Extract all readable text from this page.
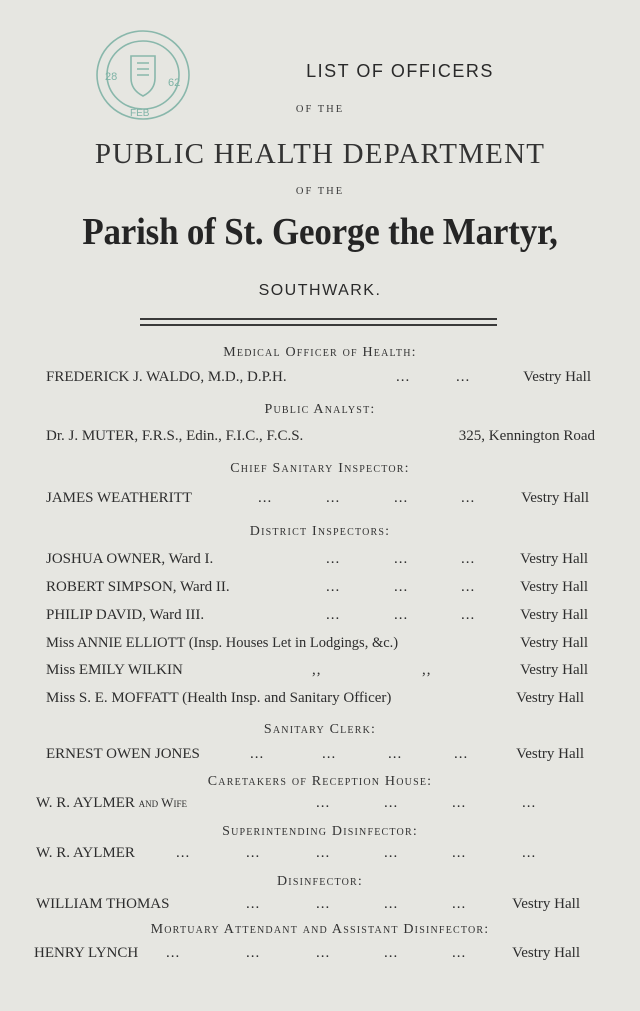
28	62
FEB
LIST OF OFFICERS
OF THE
PUBLIC HEALTH DEPARTMENT
OF THE
Parish of St. George the Martyr,
SOUTHWARK.
Medical Officer of Health:
FREDERICK J. WALDO, M.D., D.P.H.	...	...	Vestry Hall
Public Analyst:
Dr. J. MUTER, F.R.S., Edin., F.I.C., F.C.S.	325, Kennington Road
Chief Sanitary Inspector:
JAMES WEATHERITT	...	...	...	...	Vestry Hall
District Inspectors:
JOSHUA OWNER, Ward I.	...	...	...	Vestry Hall
ROBERT SIMPSON, Ward II.	...	...	...	Vestry Hall
PHILIP DAVID, Ward III.	...	...	...	Vestry Hall
Miss ANNIE ELLIOTT (Insp. Houses Let in Lodgings, &c.)	Vestry Hall
Miss EMILY WILKIN	,,	,,	Vestry Hall
Miss S. E. MOFFATT (Health Insp. and Sanitary Officer)	Vestry Hall
Sanitary Clerk:
ERNEST OWEN JONES	...	...	...	...	Vestry Hall
Caretakers of Reception House:
W. R. AYLMER and Wife	...	...	...	...
Superintending Disinfector:
W. R. AYLMER	...	...	...	...	...	...
Disinfector:
WILLIAM THOMAS	...	...	...	...	Vestry Hall
Mortuary Attendant and Assistant Disinfector:
HENRY LYNCH ...	...	...	...	...	Vestry Hall
